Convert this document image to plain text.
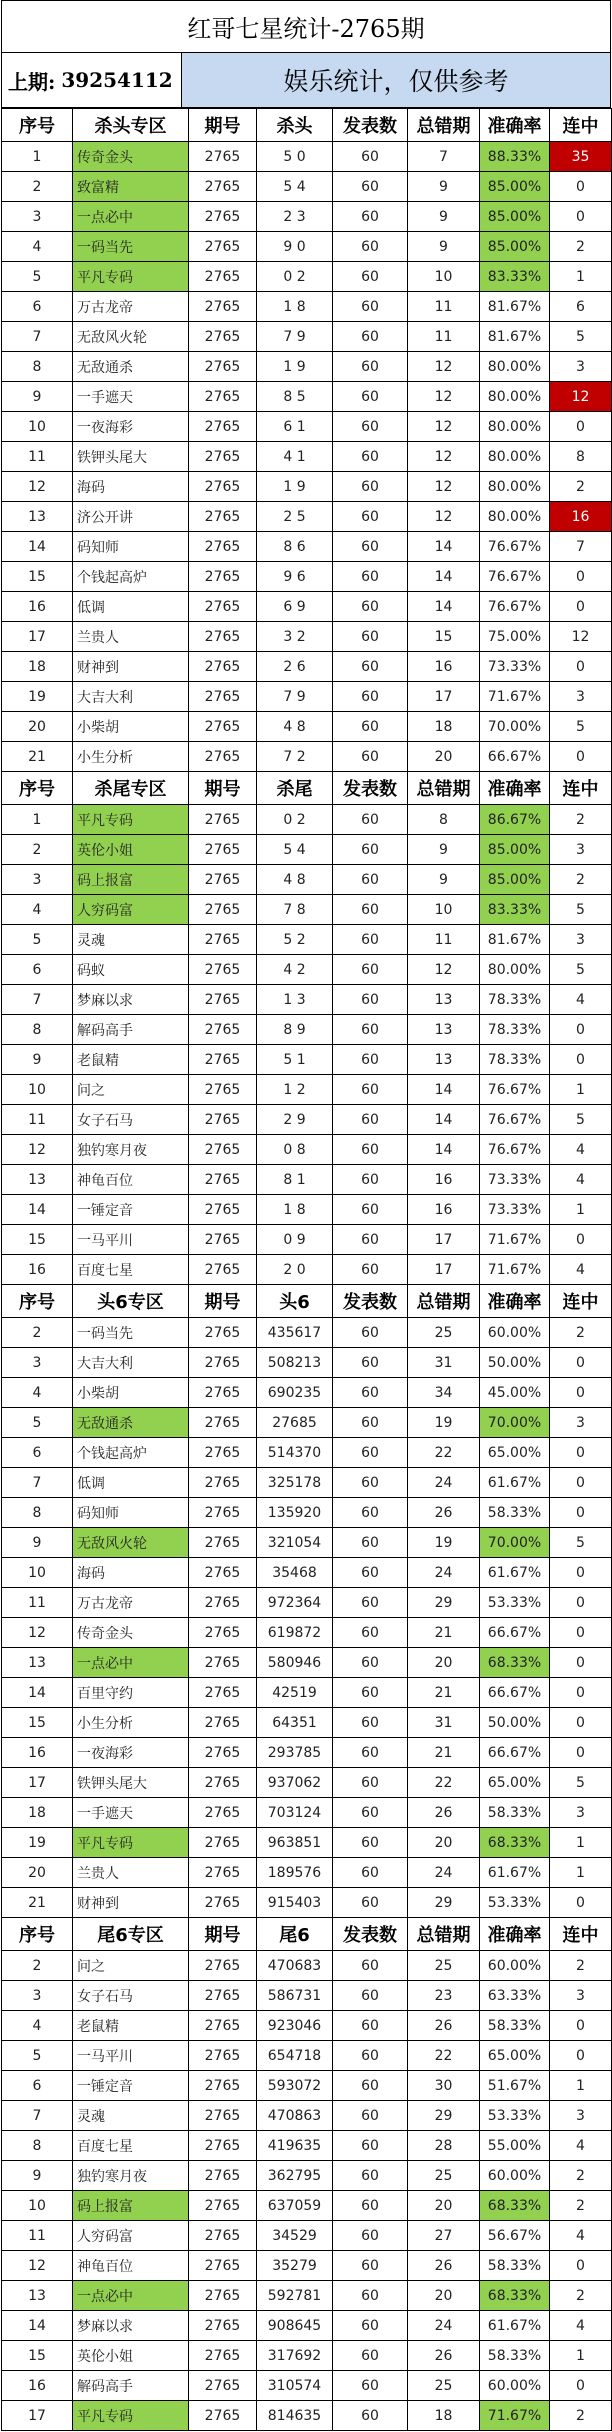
红哥七星统计-2765期
上期: 39254112	娱乐统计，仅供参考
序号	杀头专区	期号	杀头	发表数	总错期	准确率	连中
1	传奇金头	2765	5 0	60	7	88.33%	35
2	致富精	2765	5 4	60	9	85.00%	0
3	一点必中	2765	2 3	60	9	85.00%	0
4	一码当先	2765	9 0	60	9	85.00%	2
5	平凡专码	2765	0 2	60	10	83.33%	1
6	万古龙帝	2765	1 8	60	11	81.67%	6
7	无敌风火轮	2765	7 9	60	11	81.67%	5
8	无敌通杀	2765	1 9	60	12	80.00%	3
9	一手遮天	2765	8 5	60	12	80.00%	12
10	一夜海彩	2765	6 1	60	12	80.00%	0
11	铁钾头尾大	2765	4 1	60	12	80.00%	8
12	海码	2765	1 9	60	12	80.00%	2
13	济公开讲	2765	2 5	60	12	80.00%	16
14	码知师	2765	8 6	60	14	76.67%	7
15	个钱起高炉	2765	9 6	60	14	76.67%	0
16	低调	2765	6 9	60	14	76.67%	0
17	兰贵人	2765	3 2	60	15	75.00%	12
18	财神到	2765	2 6	60	16	73.33%	0
19	大吉大利	2765	7 9	60	17	71.67%	3
20	小柴胡	2765	4 8	60	18	70.00%	5
21	小生分析	2765	7 2	60	20	66.67%	0
序号	杀尾专区	期号	杀尾	发表数	总错期	准确率	连中
1	平凡专码	2765	0 2	60	8	86.67%	2
2	英伦小姐	2765	5 4	60	9	85.00%	3
3	码上报富	2765	4 8	60	9	85.00%	2
4	人穷码富	2765	7 8	60	10	83.33%	5
5	灵魂	2765	5 2	60	11	81.67%	3
6	码蚁	2765	4 2	60	12	80.00%	5
7	梦麻以求	2765	1 3	60	13	78.33%	4
8	解码高手	2765	8 9	60	13	78.33%	0
9	老鼠精	2765	5 1	60	13	78.33%	0
10	问之	2765	1 2	60	14	76.67%	1
11	女子石马	2765	2 9	60	14	76.67%	5
12	独钓寒月夜	2765	0 8	60	14	76.67%	4
13	神龟百位	2765	8 1	60	16	73.33%	4
14	一锤定音	2765	1 8	60	16	73.33%	1
15	一马平川	2765	0 9	60	17	71.67%	0
16	百度七星	2765	2 0	60	17	71.67%	4
序号	头6专区	期号	头6	发表数	总错期	准确率	连中
2	一码当先	2765	435617	60	25	60.00%	2
3	大吉大利	2765	508213	60	31	50.00%	0
4	小柴胡	2765	690235	60	34	45.00%	0
5	无敌通杀	2765	27685	60	19	70.00%	3
6	个钱起高炉	2765	514370	60	22	65.00%	0
7	低调	2765	325178	60	24	61.67%	0
8	码知师	2765	135920	60	26	58.33%	0
9	无敌风火轮	2765	321054	60	19	70.00%	5
10	海码	2765	35468	60	24	61.67%	0
11	万古龙帝	2765	972364	60	29	53.33%	0
12	传奇金头	2765	619872	60	21	66.67%	0
13	一点必中	2765	580946	60	20	68.33%	0
14	百里守约	2765	42519	60	21	66.67%	0
15	小生分析	2765	64351	60	31	50.00%	0
16	一夜海彩	2765	293785	60	21	66.67%	0
17	铁钾头尾大	2765	937062	60	22	65.00%	5
18	一手遮天	2765	703124	60	26	58.33%	3
19	平凡专码	2765	963851	60	20	68.33%	1
20	兰贵人	2765	189576	60	24	61.67%	1
21	财神到	2765	915403	60	29	53.33%	0
序号	尾6专区	期号	尾6	发表数	总错期	准确率	连中
2	问之	2765	470683	60	25	60.00%	2
3	女子石马	2765	586731	60	23	63.33%	3
4	老鼠精	2765	923046	60	26	58.33%	0
5	一马平川	2765	654718	60	22	65.00%	0
6	一锤定音	2765	593072	60	30	51.67%	1
7	灵魂	2765	470863	60	29	53.33%	3
8	百度七星	2765	419635	60	28	55.00%	4
9	独钓寒月夜	2765	362795	60	25	60.00%	2
10	码上报富	2765	637059	60	20	68.33%	2
11	人穷码富	2765	34529	60	27	56.67%	4
12	神龟百位	2765	35279	60	26	58.33%	0
13	一点必中	2765	592781	60	20	68.33%	2
14	梦麻以求	2765	908645	60	24	61.67%	4
15	英伦小姐	2765	317692	60	26	58.33%	1
16	解码高手	2765	310574	60	25	60.00%	0
17	平凡专码	2765	814635	60	18	71.67%	2
